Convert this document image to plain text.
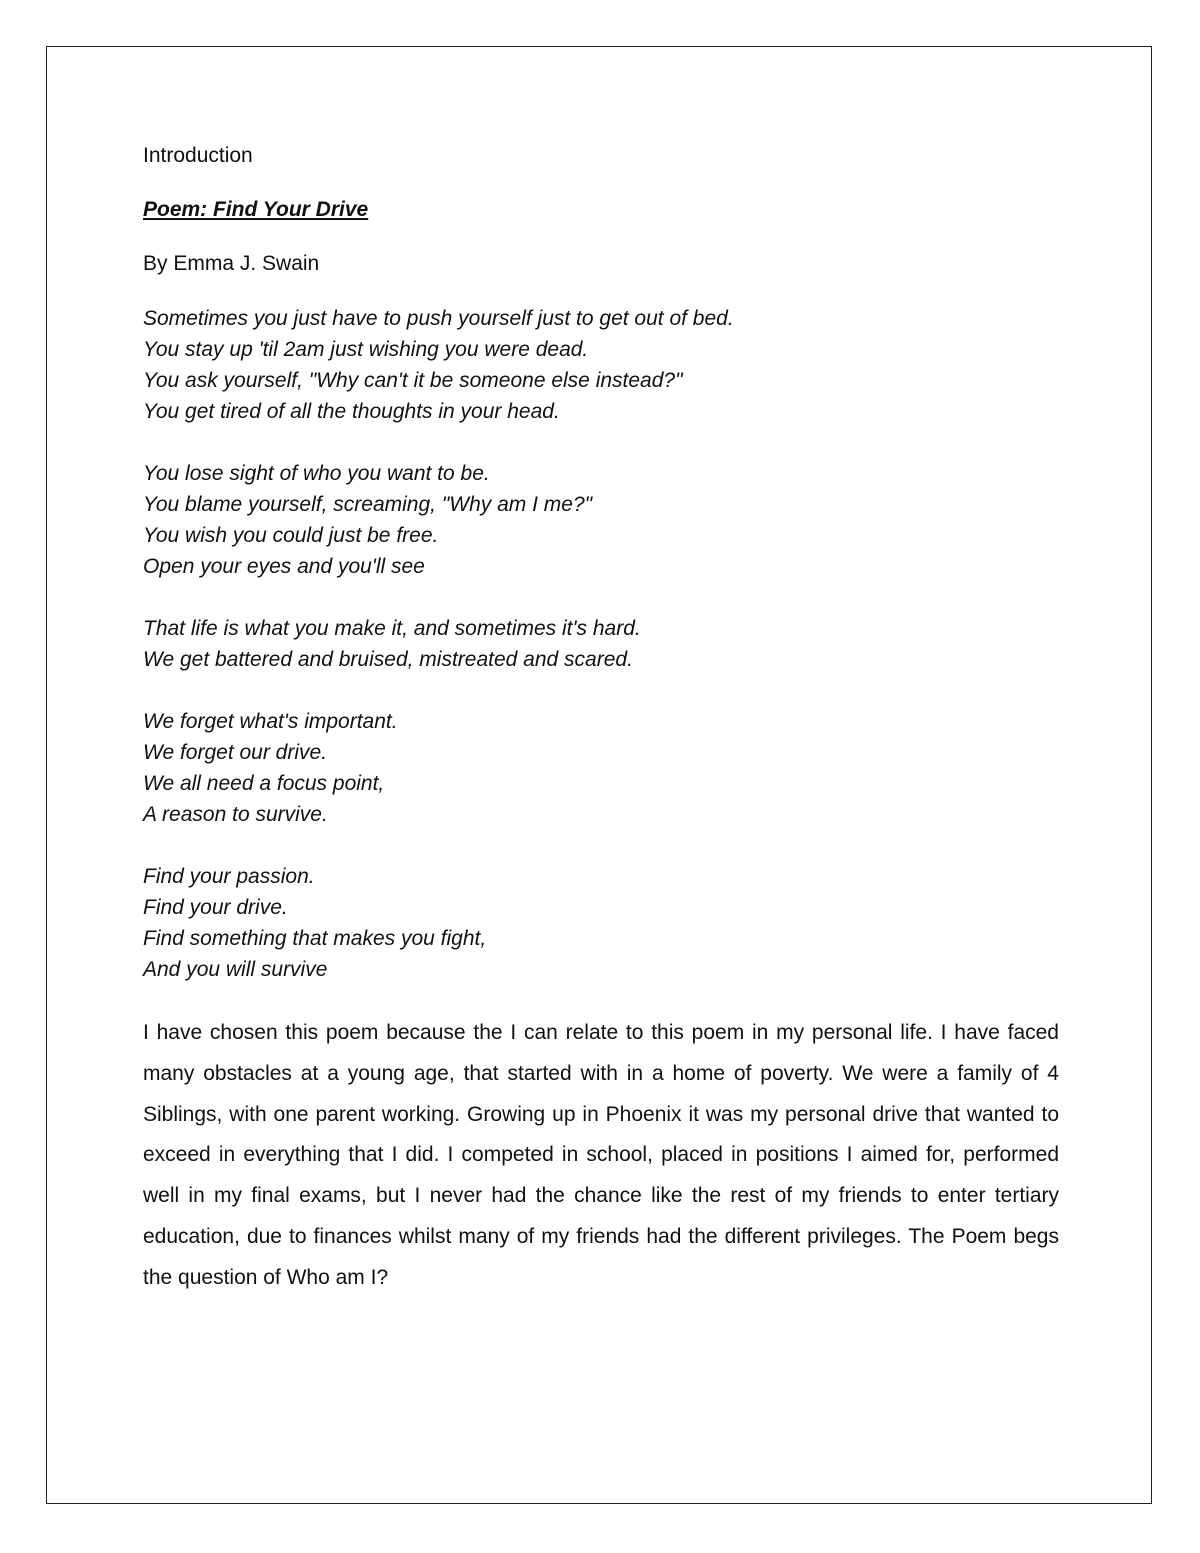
Introduction

Poem: Find Your Drive

By Emma J. Swain

Sometimes you just have to push yourself just to get out of bed.
You stay up 'til 2am just wishing you were dead.
You ask yourself, "Why can't it be someone else instead?"
You get tired of all the thoughts in your head.
You lose sight of who you want to be.
You blame yourself, screaming, "Why am I me?"
You wish you could just be free.
Open your eyes and you'll see
That life is what you make it, and sometimes it's hard.
We get battered and bruised, mistreated and scared.
We forget what's important.
We forget our drive.
We all need a focus point,
A reason to survive.
Find your passion.
Find your drive.
Find something that makes you fight,
And you will survive

I have chosen this poem because the I can relate to this poem in my personal life. I have faced many obstacles at a young age, that started with in a home of poverty. We were a family of 4 Siblings, with one parent working. Growing up in Phoenix it was my personal drive that wanted to exceed in everything that I did. I competed in school, placed in positions I aimed for, performed well in my final exams, but I never had the chance like the rest of my friends to enter tertiary education, due to finances whilst many of my friends had the different privileges. The Poem begs the question of Who am I?
